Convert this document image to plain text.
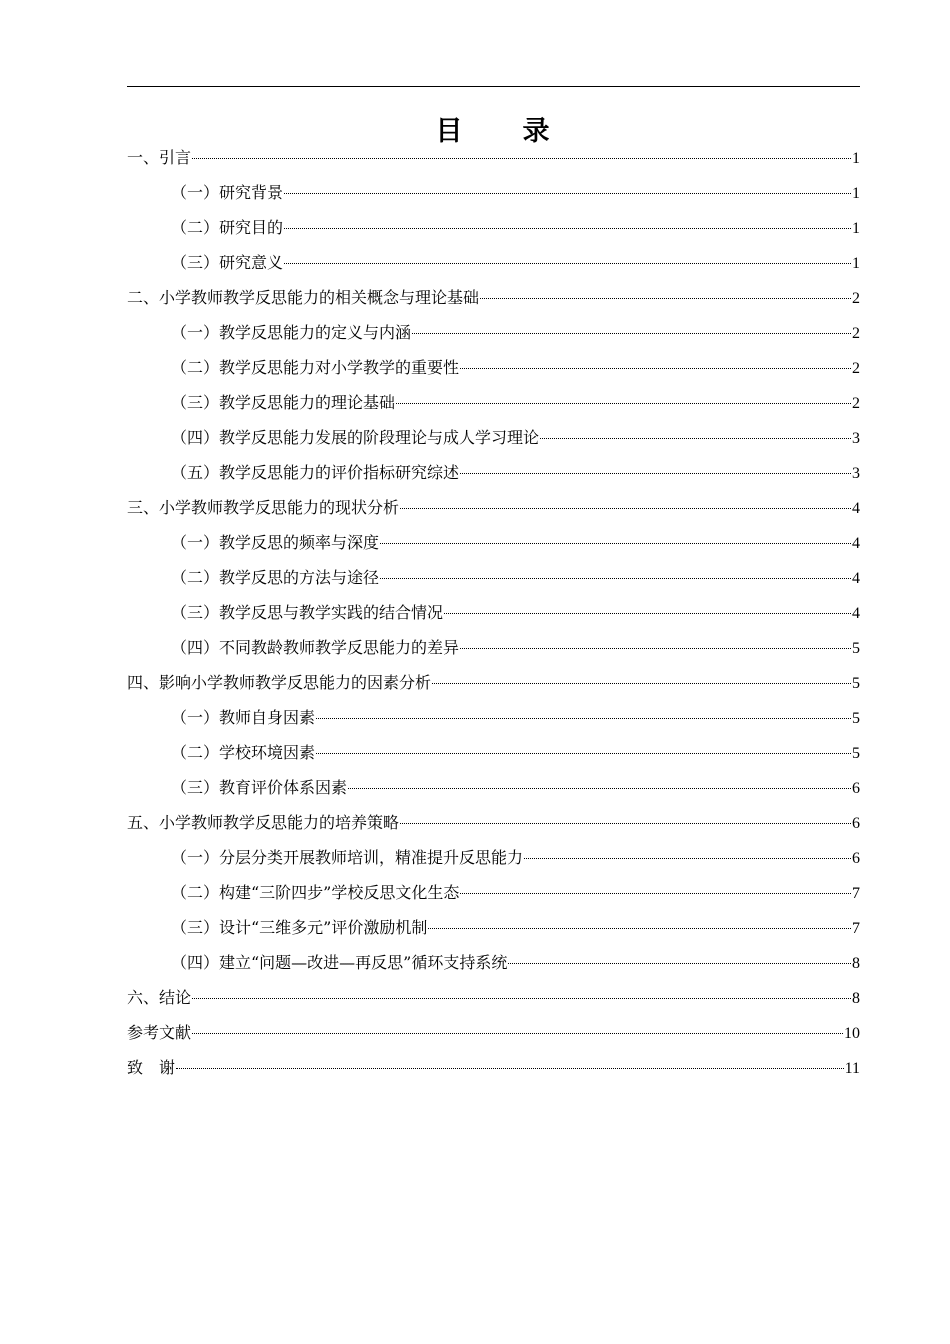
目　　录
一、引言	1
（一）研究背景	1
（二）研究目的	1
（三）研究意义	1
二、小学教师教学反思能力的相关概念与理论基础	2
（一）教学反思能力的定义与内涵	2
（二）教学反思能力对小学教学的重要性	2
（三）教学反思能力的理论基础	2
（四）教学反思能力发展的阶段理论与成人学习理论	3
（五）教学反思能力的评价指标研究综述	3
三、小学教师教学反思能力的现状分析	4
（一）教学反思的频率与深度	4
（二）教学反思的方法与途径	4
（三）教学反思与教学实践的结合情况	4
（四）不同教龄教师教学反思能力的差异	5
四、影响小学教师教学反思能力的因素分析	5
（一）教师自身因素	5
（二）学校环境因素	5
（三）教育评价体系因素	6
五、小学教师教学反思能力的培养策略	6
（一）分层分类开展教师培训，精准提升反思能力	6
（二）构建“三阶四步”学校反思文化生态	7
（三）设计“三维多元”评价激励机制	7
（四）建立“问题—改进—再反思”循环支持系统	8
六、结论	8
参考文献	10
致　谢	11
